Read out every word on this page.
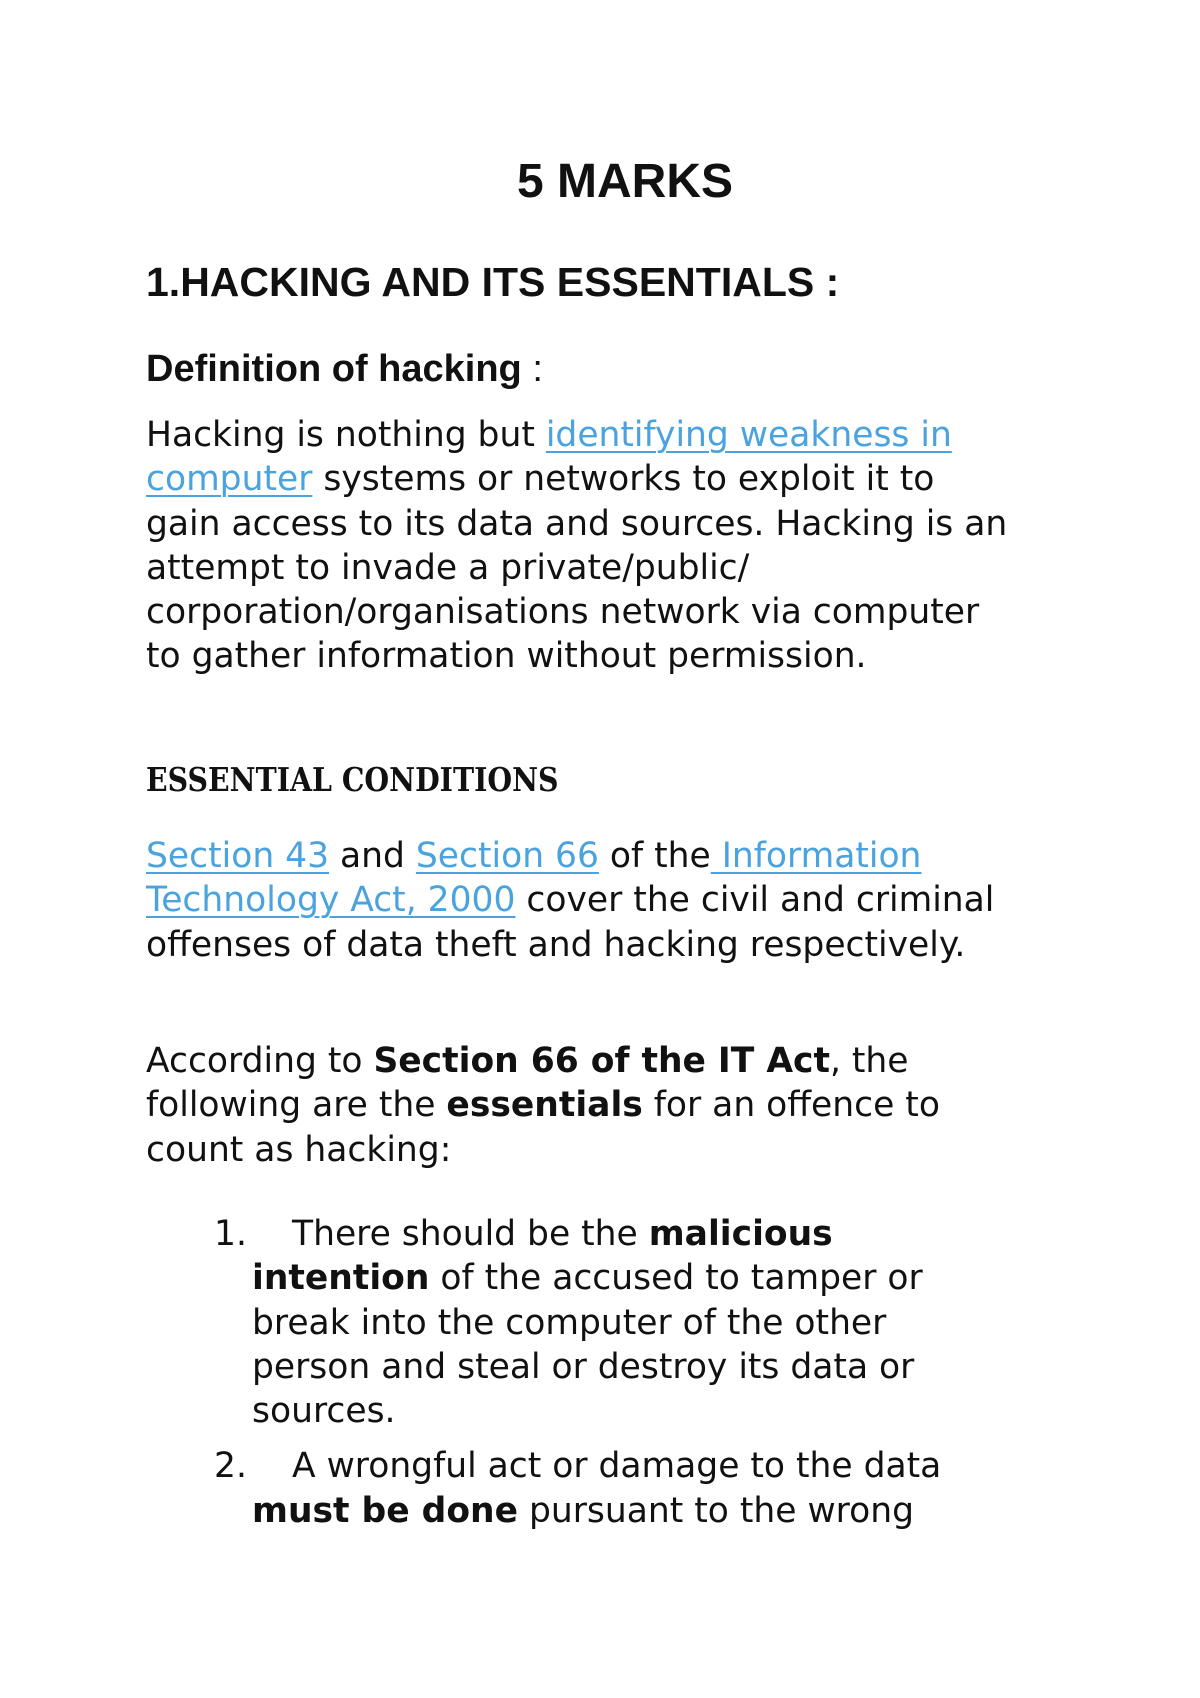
5 MARKS
1.HACKING AND ITS ESSENTIALS :
Definition of hacking :
Hacking is nothing but identifying weakness in
computer systems or networks to exploit it to
gain access to its data and sources. Hacking is an
attempt to invade a private/public/
corporation/organisations network via computer
to gather information without permission.
ESSENTIAL CONDITIONS
Section 43 and Section 66 of the Information
Technology Act, 2000 cover the civil and criminal
offenses of data theft and hacking respectively.
According to Section 66 of the IT Act, the
following are the essentials for an offence to
count as hacking:
1.	There should be the malicious
intention of the accused to tamper or
break into the computer of the other
person and steal or destroy its data or
sources.
2.	A wrongful act or damage to the data
must be done pursuant to the wrong
